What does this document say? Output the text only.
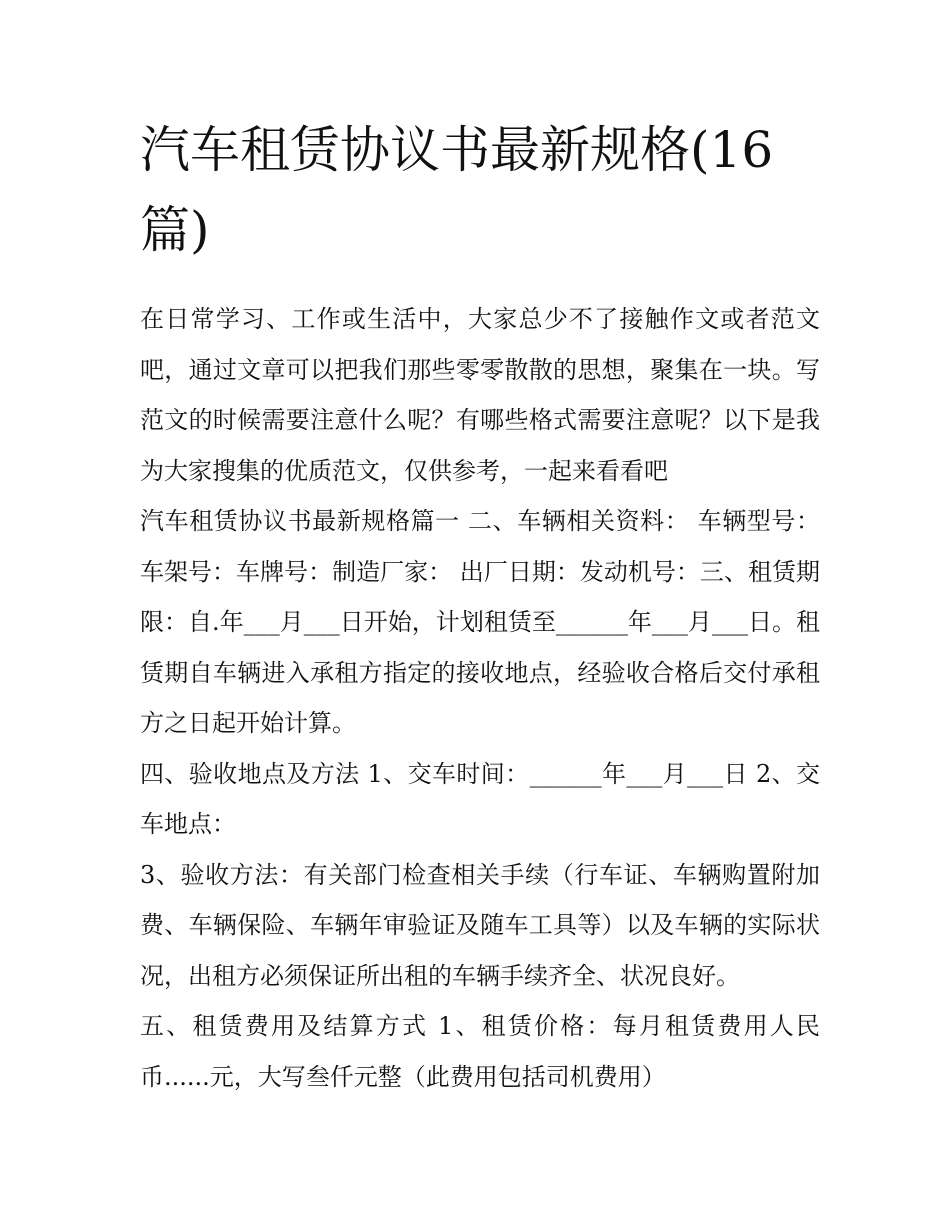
汽车租赁协议书最新规格(16篇)

在日常学习、工作或生活中，大家总少不了接触作文或者范文吧，通过文章可以把我们那些零零散散的思想，聚集在一块。写范文的时候需要注意什么呢？有哪些格式需要注意呢？以下是我为大家搜集的优质范文，仅供参考，一起来看看吧

汽车租赁协议书最新规格篇一 二、车辆相关资料： 车辆型号：车架号：车牌号：制造厂家： 出厂日期：发动机号：三、租赁期限：自.年___月___日开始，计划租赁至______年___月___日。租赁期自车辆进入承租方指定的接收地点，经验收合格后交付承租方之日起开始计算。

四、验收地点及方法 1、交车时间：______年___月___日 2、交车地点：

3、验收方法：有关部门检查相关手续（行车证、车辆购置附加费、车辆保险、车辆年审验证及随车工具等）以及车辆的实际状况，出租方必须保证所出租的车辆手续齐全、状况良好。

五、租赁费用及结算方式 1、租赁价格：每月租赁费用人民币......元，大写叁仟元整（此费用包括司机费用）
